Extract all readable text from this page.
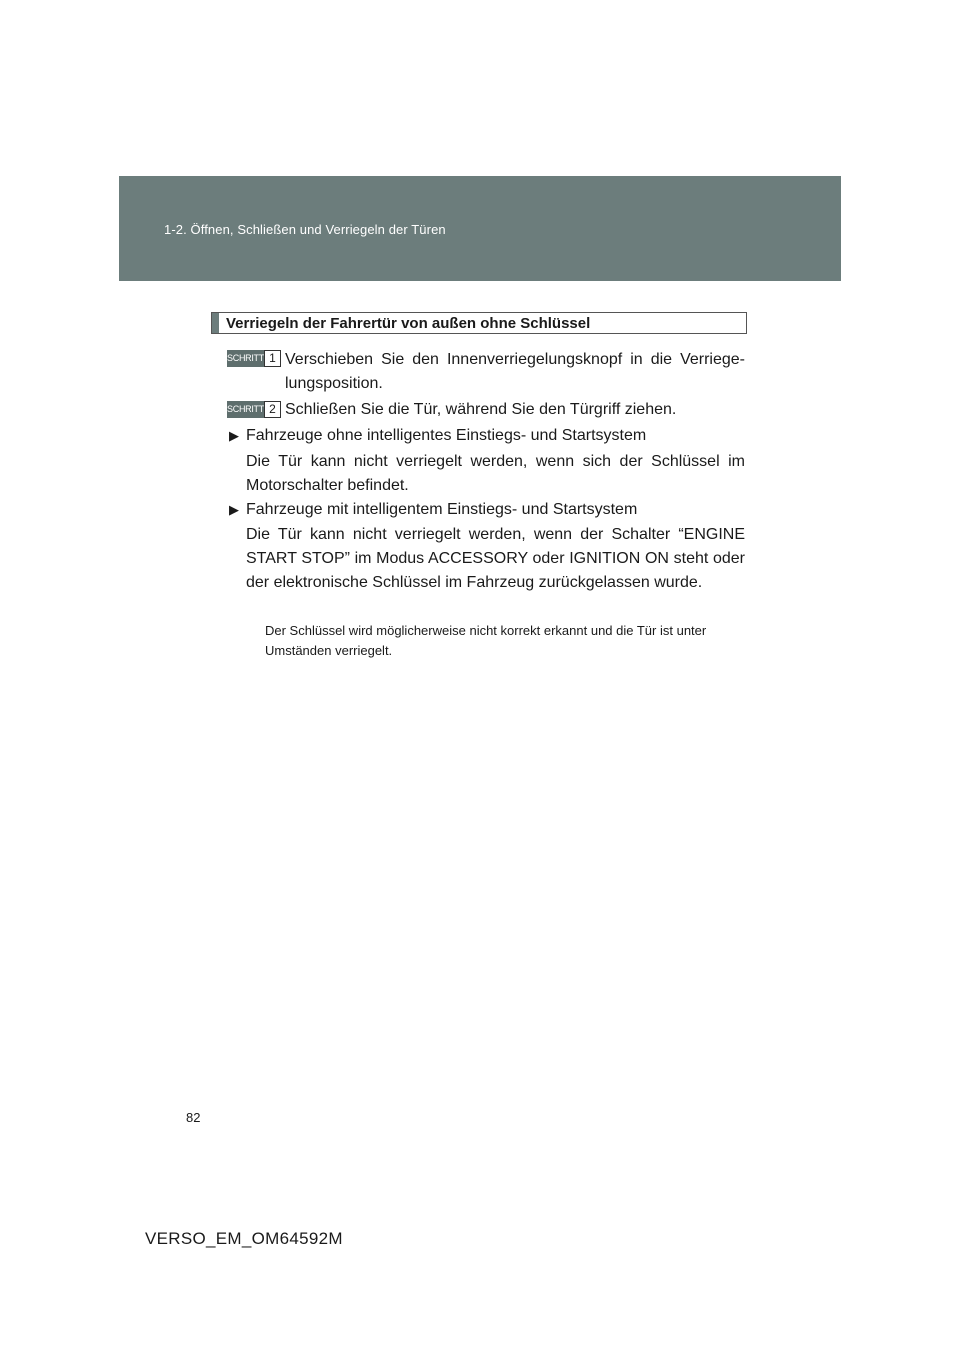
1-2. Öffnen, Schließen und Verriegeln der Türen
Verriegeln der Fahrertür von außen ohne Schlüssel
SCHRITT 1 Verschieben Sie den Innenverriegelungsknopf in die Verriege-lungsposition.
SCHRITT 2 Schließen Sie die Tür, während Sie den Türgriff ziehen.
▶ Fahrzeuge ohne intelligentes Einstiegs- und Startsystem
Die Tür kann nicht verriegelt werden, wenn sich der Schlüssel im Motorschalter befindet.
▶ Fahrzeuge mit intelligentem Einstiegs- und Startsystem
Die Tür kann nicht verriegelt werden, wenn der Schalter “ENGINE START STOP” im Modus ACCESSORY oder IGNITION ON steht oder der elektronische Schlüssel im Fahrzeug zurückgelassen wurde.
Der Schlüssel wird möglicherweise nicht korrekt erkannt und die Tür ist unter Umständen verriegelt.
82
VERSO_EM_OM64592M
